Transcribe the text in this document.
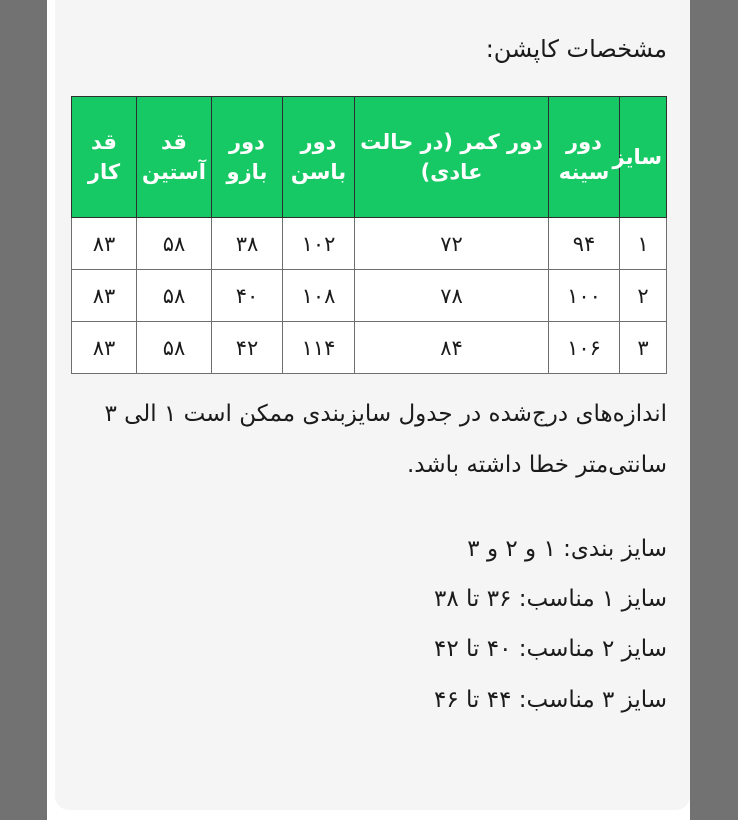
مشخصات کاپشن:
سایز	دور سینه	دور کمر (در حالت عادی)	دور باسن	دور بازو	قد آستین	قد کار
۱	۹۴	۷۲	۱۰۲	۳۸	۵۸	۸۳
۲	۱۰۰	۷۸	۱۰۸	۴۰	۵۸	۸۳
۳	۱۰۶	۸۴	۱۱۴	۴۲	۵۸	۸۳

اندازه‌های درج‌شده در جدول سایزبندی ممکن است ۱ الی ۳ سانتی‌متر خطا داشته باشد.

سایز بندی: ۱ و ۲ و ۳
سایز ۱ مناسب: ۳۶ تا ۳۸
سایز ۲ مناسب: ۴۰ تا ۴۲
سایز ۳ مناسب: ۴۴ تا ۴۶
